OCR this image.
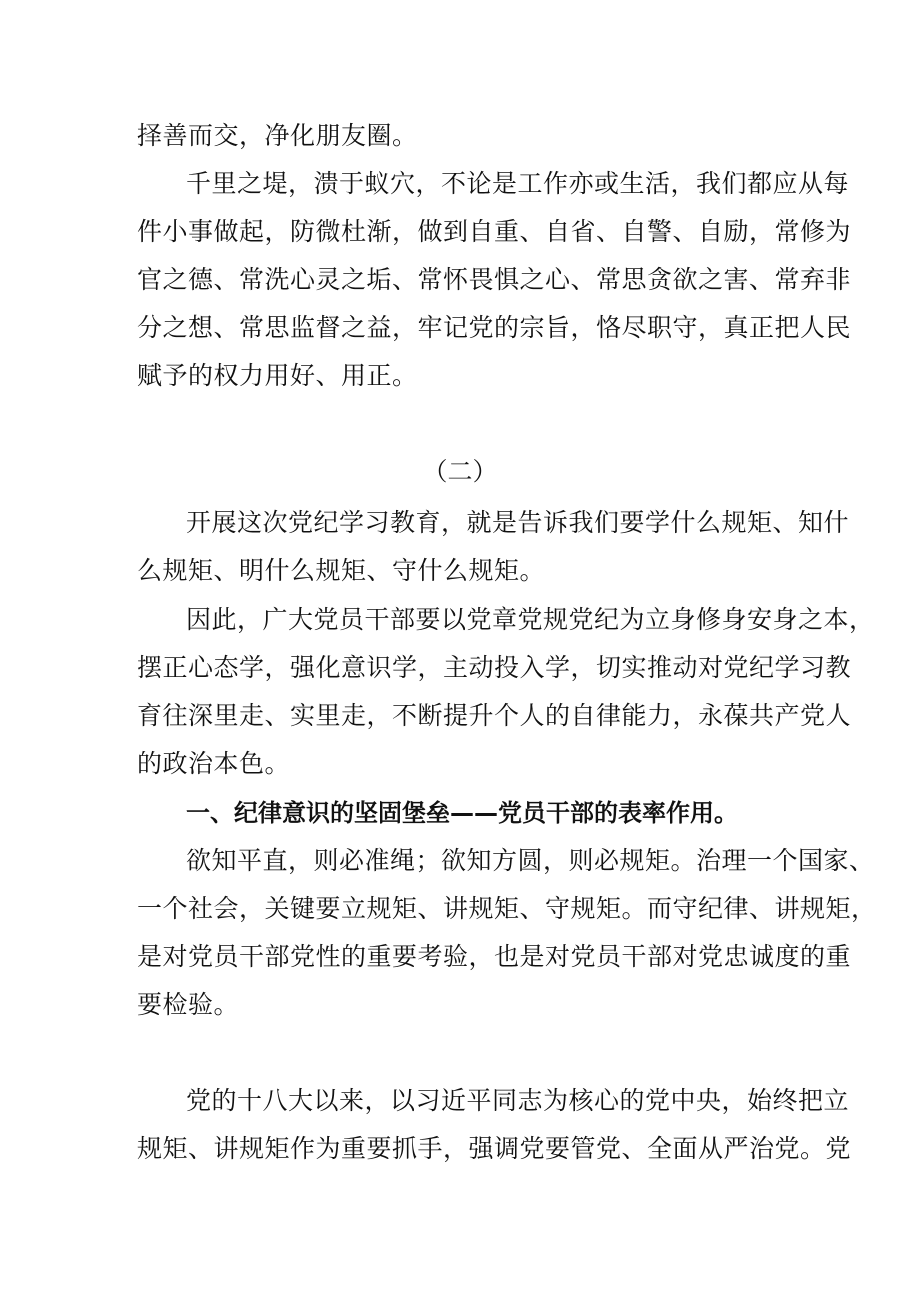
择善而交，净化朋友圈。
千里之堤，溃于蚁穴，不论是工作亦或生活，我们都应从每
件小事做起，防微杜渐，做到自重、自省、自警、自励，常修为
官之德、常洗心灵之垢、常怀畏惧之心、常思贪欲之害、常弃非
分之想、常思监督之益，牢记党的宗旨，恪尽职守，真正把人民
赋予的权力用好、用正。
（二）
开展这次党纪学习教育，就是告诉我们要学什么规矩、知什
么规矩、明什么规矩、守什么规矩。
因此，广大党员干部要以党章党规党纪为立身修身安身之本，
摆正心态学，强化意识学，主动投入学，切实推动对党纪学习教
育往深里走、实里走，不断提升个人的自律能力，永葆共产党人
的政治本色。
一、纪律意识的坚固堡垒——党员干部的表率作用。
欲知平直，则必准绳；欲知方圆，则必规矩。治理一个国家、
一个社会，关键要立规矩、讲规矩、守规矩。而守纪律、讲规矩，
是对党员干部党性的重要考验，也是对党员干部对党忠诚度的重
要检验。
党的十八大以来，以习近平同志为核心的党中央，始终把立
规矩、讲规矩作为重要抓手，强调党要管党、全面从严治党。党
